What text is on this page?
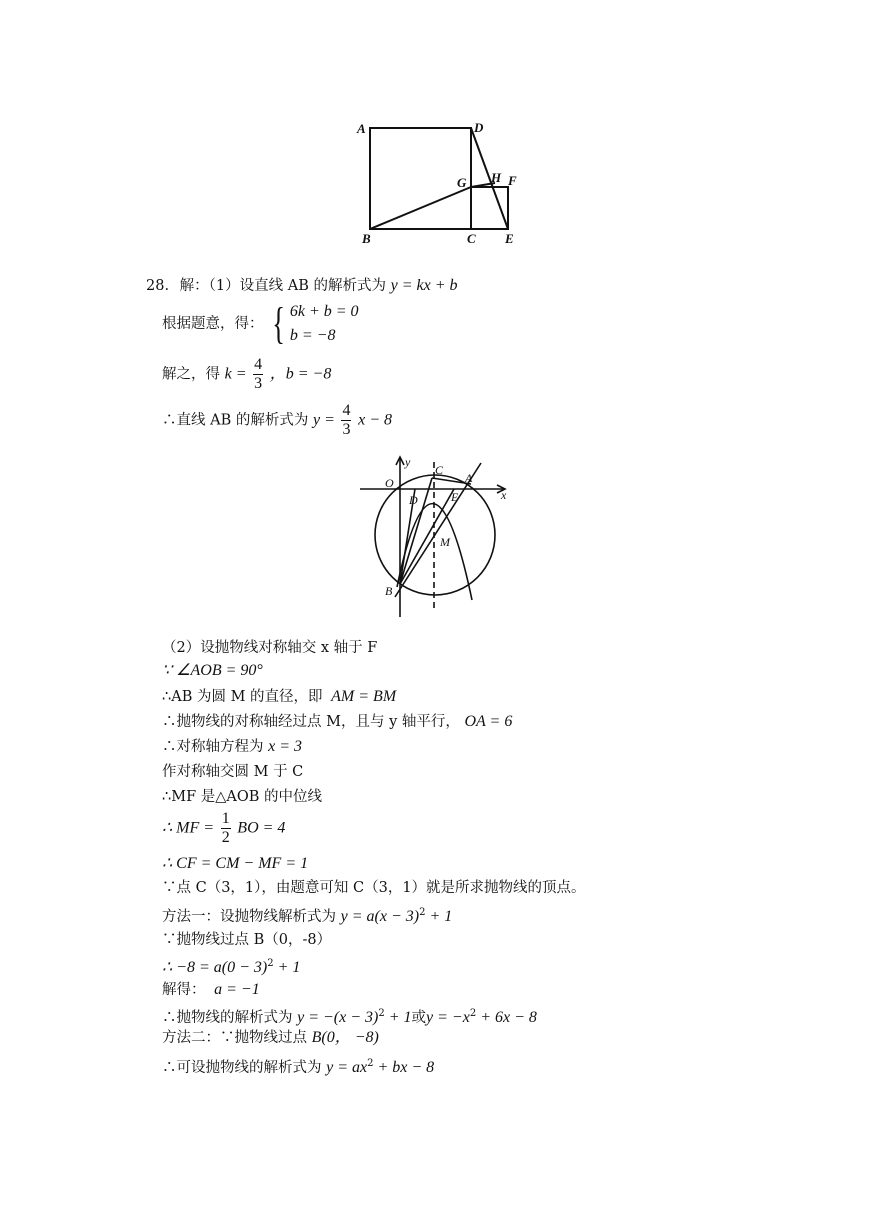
A	D
G H F
B	C E
28. 解：（1）设直线 AB 的解析式为 y = kx + b
根据题意，得： { 6k + b = 0
b = −8
解之，得 $k = \frac{4}{3}$ ，b = −8
∴直线 AB 的解析式为 $y = \frac{4}{3}$ x − 8
y
x
O
C
A
D	E
M
B
（2）设抛物线对称轴交 x 轴于 F
∵ ∠AOB = 90°
∴AB 为圆 M 的直径，即 AM = BM
∴抛物线的对称轴经过点 M，且与 y 轴平行， OA = 6
∴对称轴方程为 x = 3
作对称轴交圆 M 于 C
∴MF 是△AOB 的中位线
∴ MF = $\frac{1}{2}$ BO = 4
∴ CF = CM − MF = 1
∵点 C（3，1），由题意可知 C（3，1）就是所求抛物线的顶点。
方法一：设抛物线解析式为 $y = a(x - 3)^2 + 1$
∵抛物线过点 B（0，-8）
∴ $-8 = a(0 - 3)^2 + 1$
解得： a = −1
∴抛物线的解析式为 $y = -(x - 3)^2 + 1$或$y = -x^2 + 6x - 8$
方法二：∵抛物线过点 B(0， −8)
∴可设抛物线的解析式为 $y = ax^2$ + bx − 8
